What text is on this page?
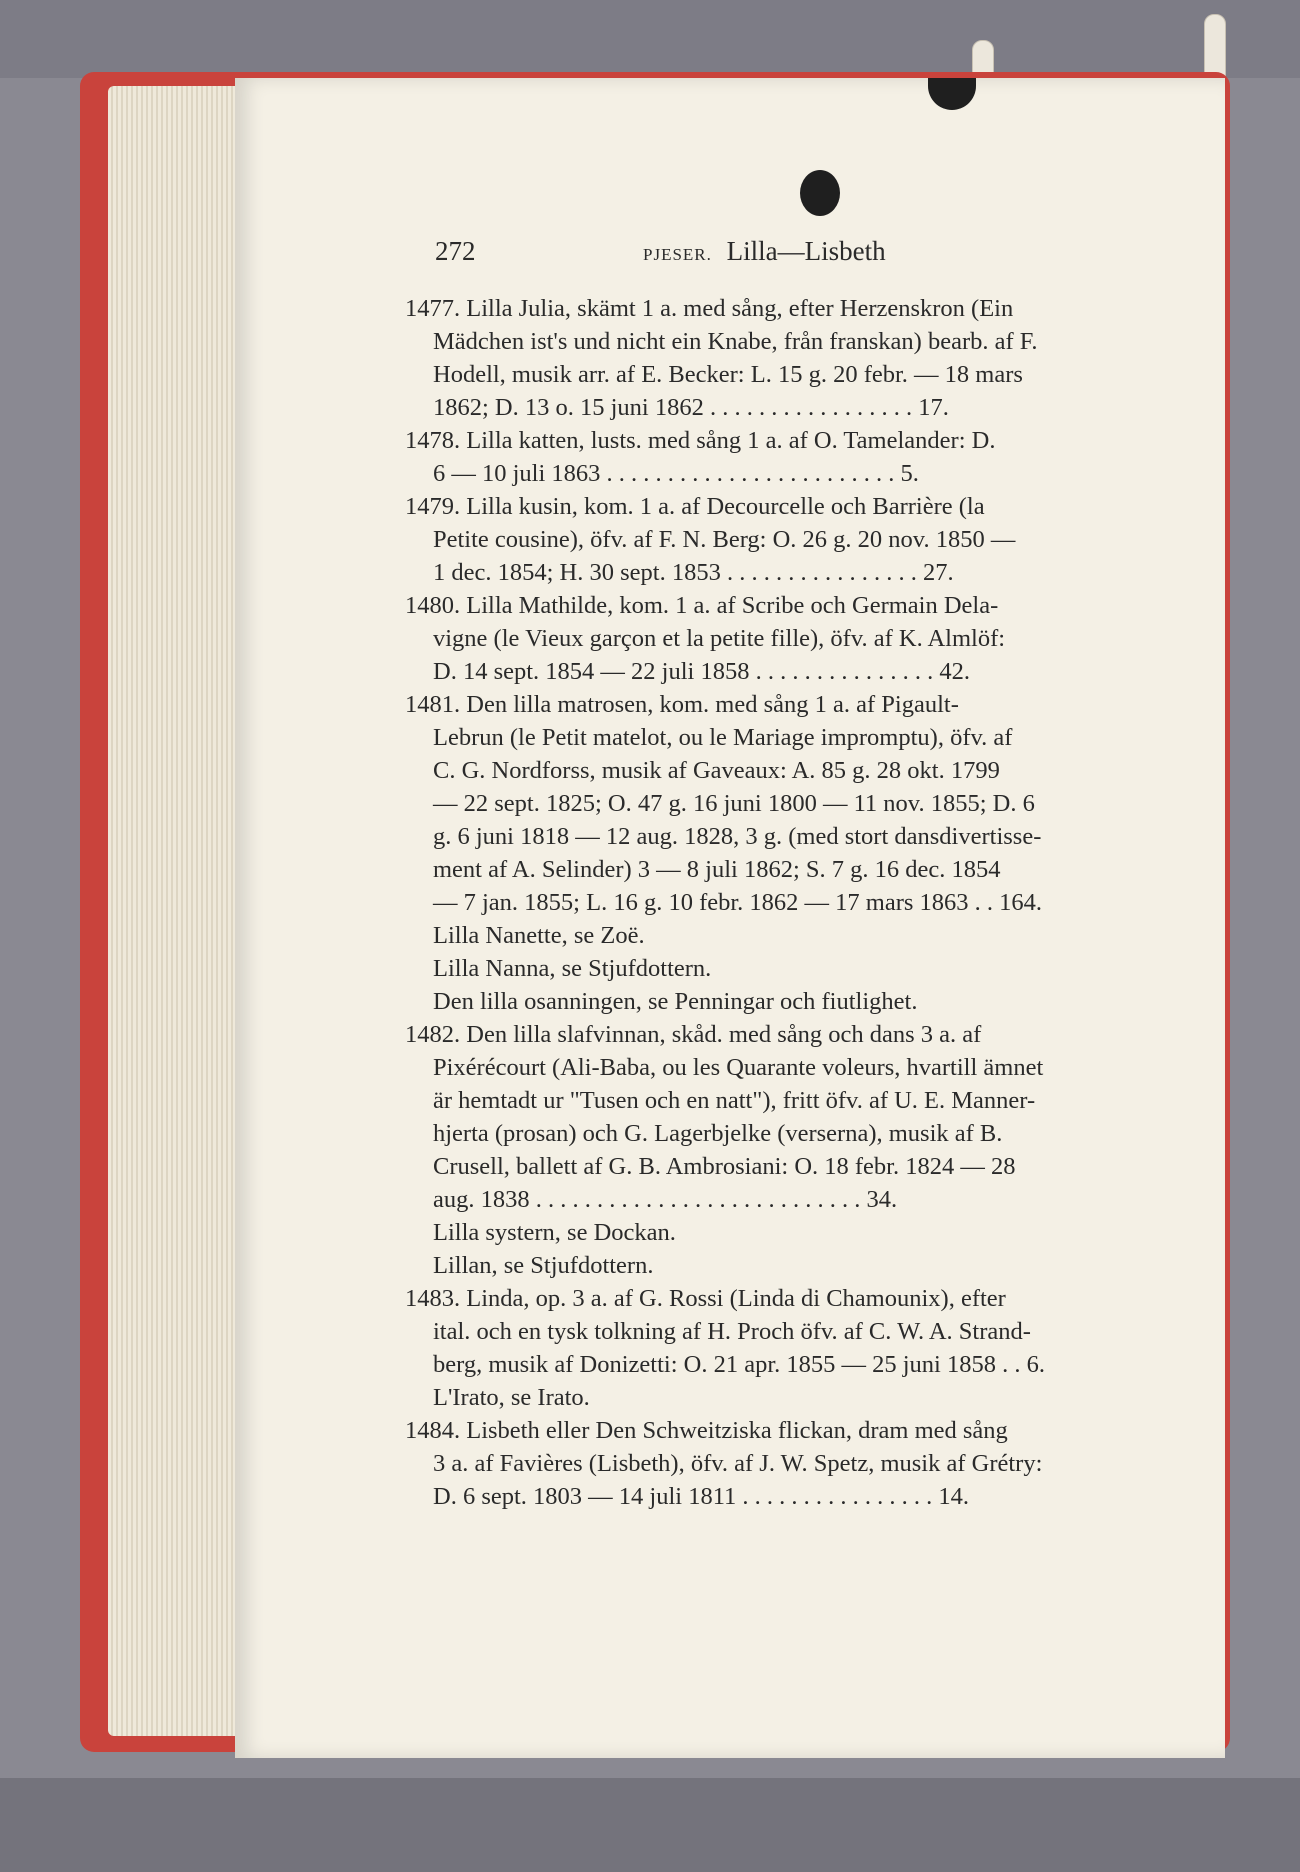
272	PJESER. Lilla—Lisbeth
1477. Lilla Julia, skämt 1 a. med sång, efter Herzenskron (Ein
Mädchen ist's und nicht ein Knabe, från franskan) bearb. af F.
Hodell, musik arr. af E. Becker: L. 15 g. 20 febr. — 18 mars
1862; D. 13 o. 15 juni 1862 . . . . . . . . . . . . . . . . . 17.
1478. Lilla katten, lusts. med sång 1 a. af O. Tamelander: D.
6 — 10 juli 1863 . . . . . . . . . . . . . . . . . . . . . . . . 5.
1479. Lilla kusin, kom. 1 a. af Decourcelle och Barrière (la
Petite cousine), öfv. af F. N. Berg: O. 26 g. 20 nov. 1850 —
1 dec. 1854; H. 30 sept. 1853 . . . . . . . . . . . . . . . . 27.
1480. Lilla Mathilde, kom. 1 a. af Scribe och Germain Dela-
vigne (le Vieux garçon et la petite fille), öfv. af K. Almlöf:
D. 14 sept. 1854 — 22 juli 1858 . . . . . . . . . . . . . . . 42.
1481. Den lilla matrosen, kom. med sång 1 a. af Pigault-
Lebrun (le Petit matelot, ou le Mariage impromptu), öfv. af
C. G. Nordforss, musik af Gaveaux: A. 85 g. 28 okt. 1799
— 22 sept. 1825; O. 47 g. 16 juni 1800 — 11 nov. 1855; D. 6
g. 6 juni 1818 — 12 aug. 1828, 3 g. (med stort dansdivertisse-
ment af A. Selinder) 3 — 8 juli 1862; S. 7 g. 16 dec. 1854
— 7 jan. 1855; L. 16 g. 10 febr. 1862 — 17 mars 1863 . . 164.
Lilla Nanette, se Zoë.
Lilla Nanna, se Stjufdottern.
Den lilla osanningen, se Penningar och fiutlighet.
1482. Den lilla slafvinnan, skåd. med sång och dans 3 a. af
Pixérécourt (Ali-Baba, ou les Quarante voleurs, hvartill ämnet
är hemtadt ur "Tusen och en natt"), fritt öfv. af U. E. Manner-
hjerta (prosan) och G. Lagerbjelke (verserna), musik af B.
Crusell, ballett af G. B. Ambrosiani: O. 18 febr. 1824 — 28
aug. 1838 . . . . . . . . . . . . . . . . . . . . . . . . . . . 34.
Lilla systern, se Dockan.
Lillan, se Stjufdottern.
1483. Linda, op. 3 a. af G. Rossi (Linda di Chamounix), efter
ital. och en tysk tolkning af H. Proch öfv. af C. W. A. Strand-
berg, musik af Donizetti: O. 21 apr. 1855 — 25 juni 1858 . . 6.
L'Irato, se Irato.
1484. Lisbeth eller Den Schweitziska flickan, dram med sång
3 a. af Favières (Lisbeth), öfv. af J. W. Spetz, musik af Grétry:
D. 6 sept. 1803 — 14 juli 1811 . . . . . . . . . . . . . . . . 14.
